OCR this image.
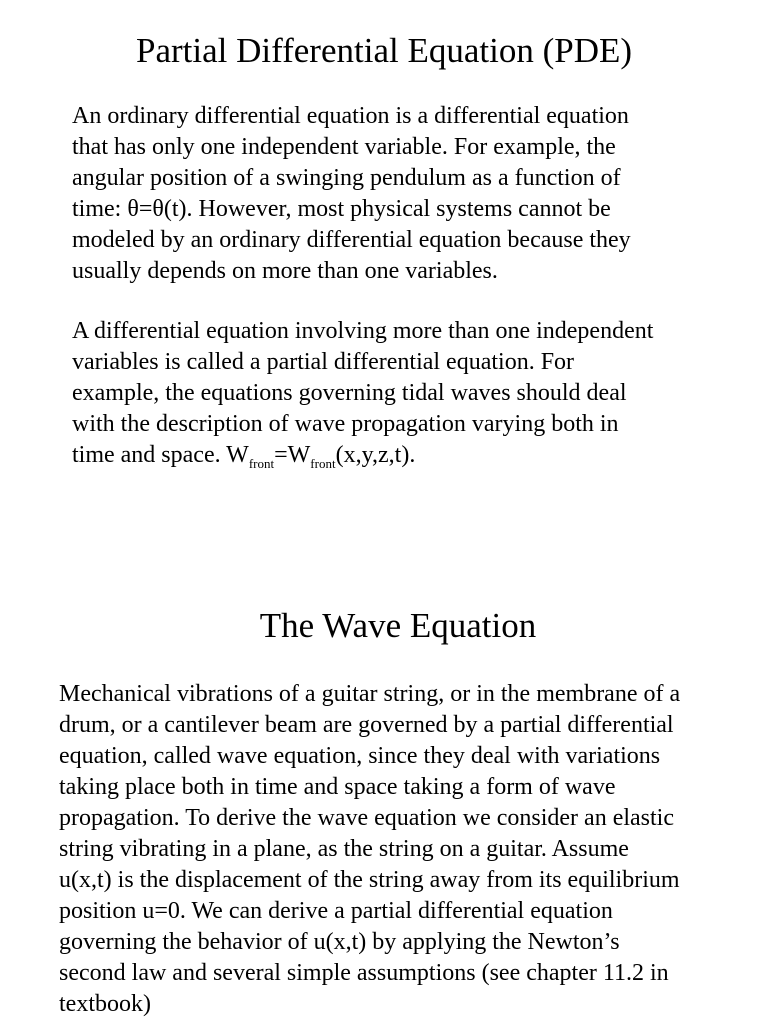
Partial Differential Equation (PDE)

An ordinary differential equation is a differential equation
that has only one independent variable. For example, the
angular position of a swinging pendulum as a function of
time: θ=θ(t). However, most physical systems cannot be
modeled by an ordinary differential equation because they
usually depends on more than one variables.

A differential equation involving more than one independent
variables is called a partial differential equation. For
example, the equations governing tidal waves should deal
with the description of wave propagation varying both in
time and space. $W_{front}=W_{front}(x,y,z,t)$.

The Wave Equation

Mechanical vibrations of a guitar string, or in the membrane of a
drum, or a cantilever beam are governed by a partial differential
equation, called wave equation, since they deal with variations
taking place both in time and space taking a form of wave
propagation. To derive the wave equation we consider an elastic
string vibrating in a plane, as the string on a guitar. Assume
u(x,t) is the displacement of the string away from its equilibrium
position u=0. We can derive a partial differential equation
governing the behavior of u(x,t) by applying the Newton’s
second law and several simple assumptions (see chapter 11.2 in
textbook)
